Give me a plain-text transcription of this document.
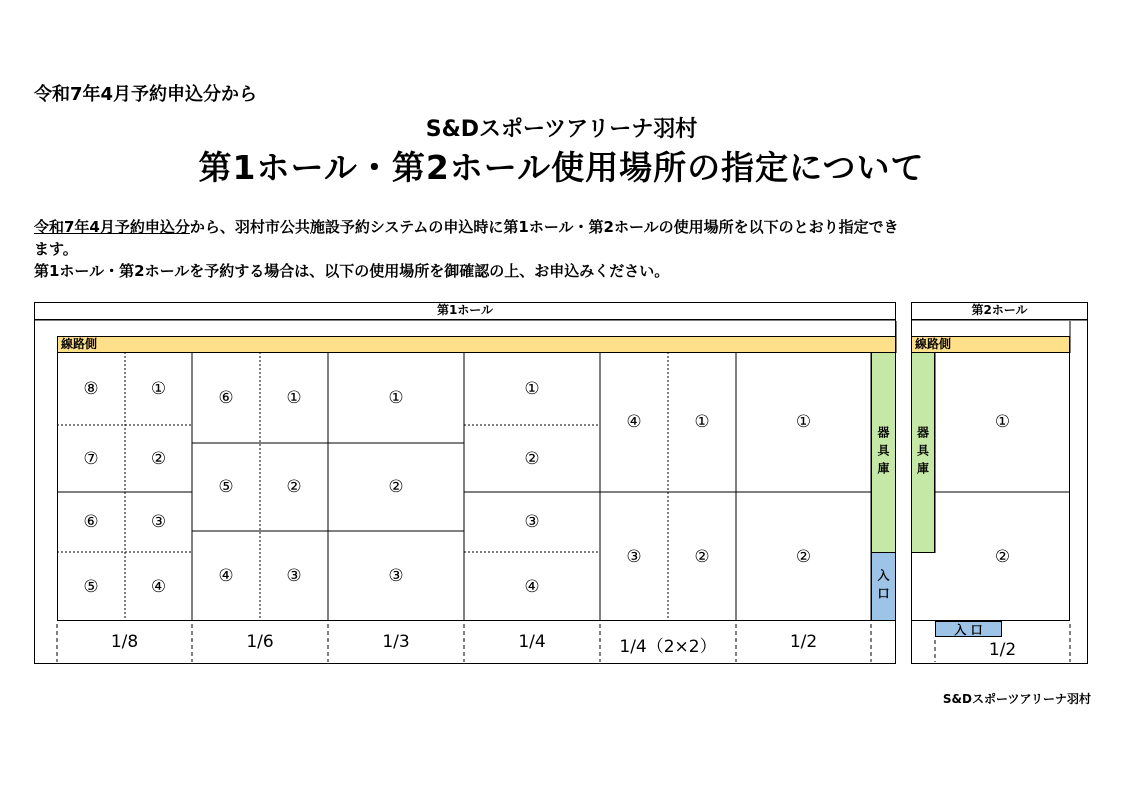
令和7年4月予約申込分から
S&Dスポーツアリーナ羽村
第1ホール・第2ホール使用場所の指定について
令和7年4月予約申込分から、羽村市公共施設予約システムの申込時に第1ホール・第2ホールの使用場所を以下のとおり指定でき
ます。
第1ホール・第2ホールを予約する場合は、以下の使用場所を御確認の上、お申込みください。
第1ホール
線路側
⑧	①
⑦	②
⑥	③
⑤	④
⑥	①
⑤	②
④	③
①
②
③
①
②
③
④
④	①
③	②
①
②
器具庫
入口
1/8	1/6	1/3	1/4	1/4（2×2）	1/2
第2ホール
線路側
器具庫
①
②
入 口
1/2
S&Dスポーツアリーナ羽村
